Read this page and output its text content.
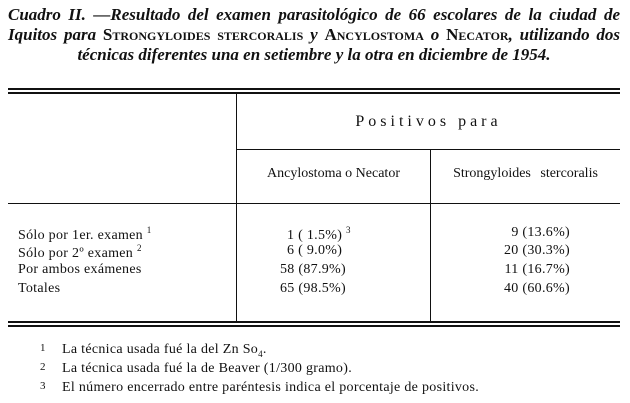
Cuadro II. —Resultado del examen parasitológico de 66 escolares de la ciudad de Iquitos para Strongyloides stercoralis y Ancylostoma o Necator, utilizando dos técnicas diferentes una en setiembre y la otra en diciembre de 1954.
Positivos para
Ancylostoma o Necator	Strongyloides stercoralis
Sólo por 1er. examen $^1$	1 ( 1.5%) $^3$	9 (13.6%)
Sólo por 2º examen $^2$	6 ( 9.0%)	20 (30.3%)
Por ambos exámenes	58 (87.9%)	11 (16.7%)
Totales	65 (98.5%)	40 (60.6%)
1 La técnica usada fué la del Zn $So_4$.
2 La técnica usada fué la de Beaver (1/300 gramo).
3 El número encerrado entre paréntesis indica el porcentaje de positivos.
